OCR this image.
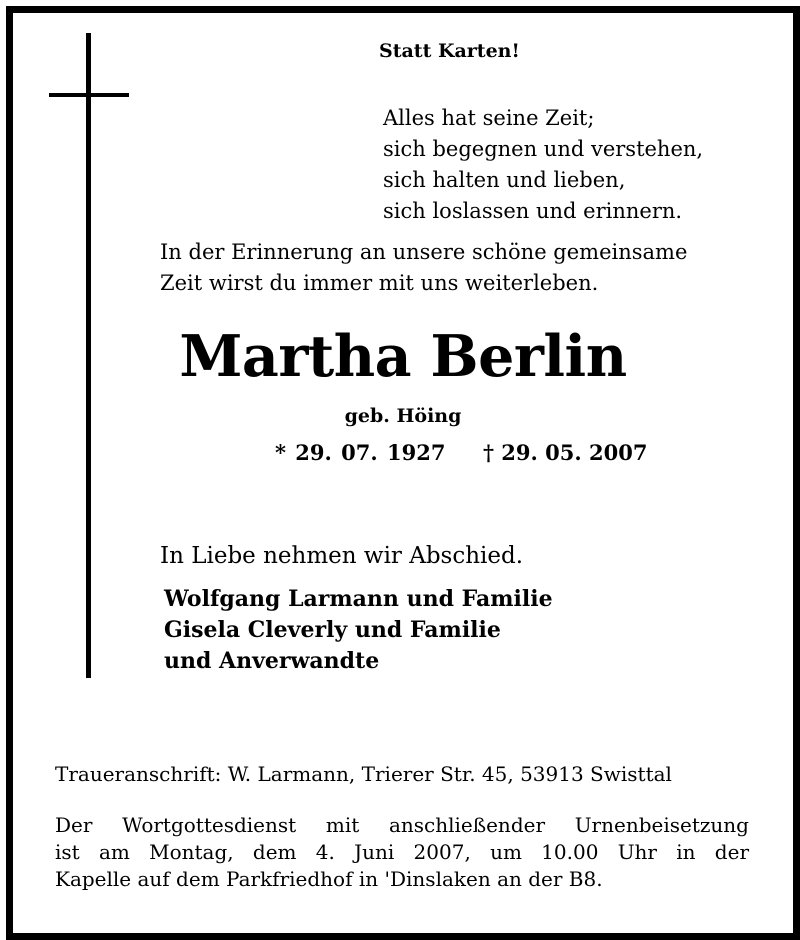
Statt Karten!
Alles hat seine Zeit;
sich begegnen und verstehen,
sich halten und lieben,
sich loslassen und erinnern.
In der Erinnerung an unsere schöne gemeinsame
Zeit wirst du immer mit uns weiterleben.
Martha Berlin
geb. Höing
* 29. 07. 1927 † 29. 05. 2007
In Liebe nehmen wir Abschied.
Wolfgang Larmann und Familie
Gisela Cleverly und Familie
und Anverwandte
Traueranschrift: W. Larmann, Trierer Str. 45, 53913 Swisttal
Der Wortgottesdienst mit anschließender Urnenbeisetzung
ist am Montag, dem 4. Juni 2007, um 10.00 Uhr in der
Kapelle auf dem Parkfriedhof in 'Dinslaken an der B8.
